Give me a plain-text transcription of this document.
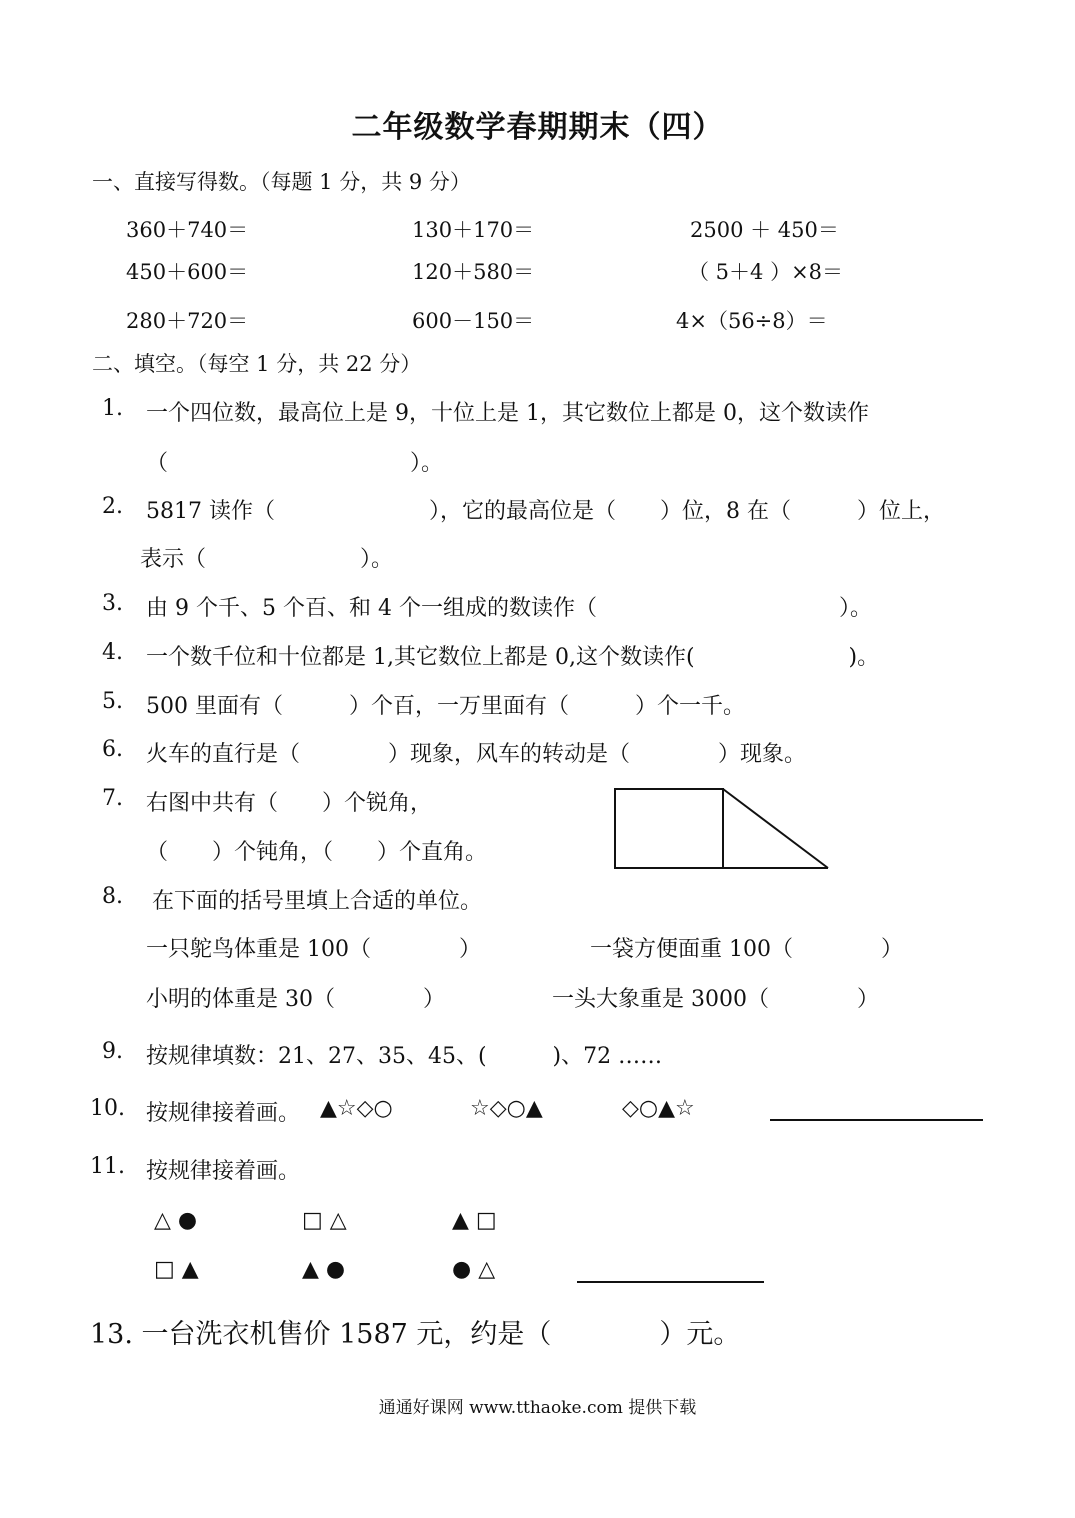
二年级数学春期期末（四）
一、直接写得数。（每题 1 分，共 9 分）
360＋740＝	130＋170＝	2500 ＋ 450＝
450＋600＝	120＋580＝	（ 5＋4 ）×8＝
280＋720＝	600－150＝	4×（56÷8）＝
二、填空。（每空 1 分，共 22 分）
1. 一个四位数，最高位上是 9，十位上是 1，其它数位上都是 0，这个数读作
（　　　　　　　　　　　）。
2. 5817 读作（　　　　　　　），它的最高位是（　　）位，8 在（　　　）位上，
表示（　　　　　　　）。
3. 由 9 个千、5 个百、和 4 个一组成的数读作（　　　　　　　　　　　）。
4. 一个数千位和十位都是 1,其它数位上都是 0,这个数读作(　　　　　　　)。
5. 500 里面有（　　　）个百，一万里面有（　　　）个一千。
6. 火车的直行是（　　　　）现象，风车的转动是（　　　　）现象。
7. 右图中共有（　　）个锐角，
（　　）个钝角，（　　）个直角。
8. 在下面的括号里填上合适的单位。
一只鸵鸟体重是 100（　　　　）	一袋方便面重 100（　　　　）
小明的体重是 30（　　　　）	一头大象重是 3000（　　　　）
9. 按规律填数：21、27、35、45、(　　　)、72 ……
10. 按规律接着画。 ▲☆◇○	☆◇○▲	◇○▲☆
11. 按规律接着画。
△ ●	□ △	▲ □
□ ▲	▲ ●	● △
13. 一台洗衣机售价 1587 元，约是（　　　　）元。
通通好课网 www.tthaoke.com 提供下载
